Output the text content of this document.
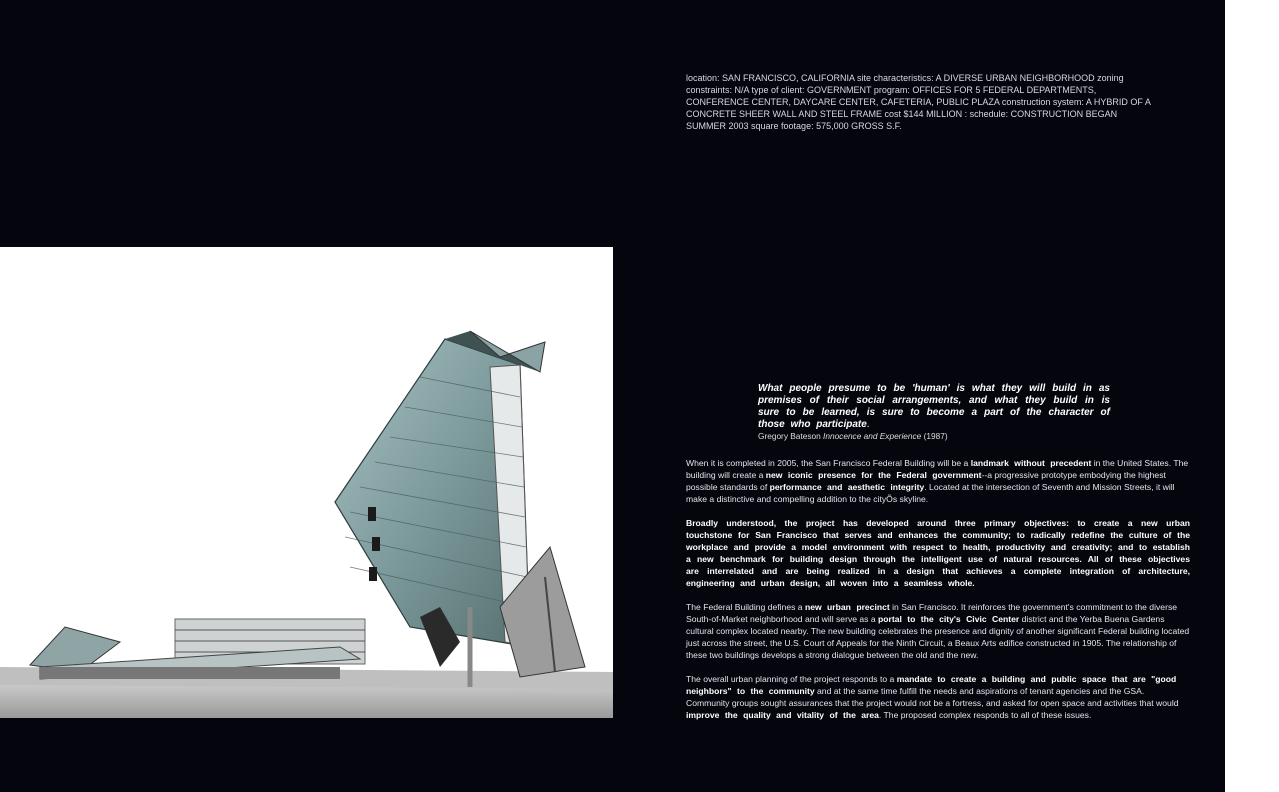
location: SAN FRANCISCO, CALIFORNIA site characteristics: A DIVERSE URBAN NEIGHBORHOOD zoning constraints: N/A type of client: GOVERNMENT program: OFFICES FOR 5 FEDERAL DEPARTMENTS, CONFERENCE CENTER, DAYCARE CENTER, CAFETERIA, PUBLIC PLAZA construction system: A HYBRID OF A CONCRETE SHEER WALL AND STEEL FRAME cost $144 MILLION : schedule: CONSTRUCTION BEGAN SUMMER 2003 square footage: 575,000 GROSS S.F.
What people presume to be 'human' is what they will build in as premises of their social arrangements, and what they build in is sure to be learned, is sure to become a part of the character of those who participate.
Gregory Bateson Innocence and Experience (1987)

When it is completed in 2005, the San Francisco Federal Building will be a landmark without precedent in the United States. The building will create a new iconic presence for the Federal government--a progressive prototype embodying the highest possible standards of performance and aesthetic integrity. Located at the intersection of Seventh and Mission Streets, it will make a distinctive and compelling addition to the cityÕs skyline.

Broadly understood, the project has developed around three primary objectives: to create a new urban touchstone for San Francisco that serves and enhances the community; to radically redefine the culture of the workplace and provide a model environment with respect to health, productivity and creativity; and to establish a new benchmark for building design through the intelligent use of natural resources. All of these objectives are interrelated and are being realized in a design that achieves a complete integration of architecture, engineering and urban design, all woven into a seamless whole.

The Federal Building defines a new urban precinct in San Francisco. It reinforces the government's commitment to the diverse South-of-Market neighborhood and will serve as a portal to the city's Civic Center district and the Yerba Buena Gardens cultural complex located nearby. The new building celebrates the presence and dignity of another significant Federal building located just across the street, the U.S. Court of Appeals for the Ninth Circuit, a Beaux Arts edifice constructed in 1905. The relationship of these two buildings develops a strong dialogue between the old and the new.

The overall urban planning of the project responds to a mandate to create a building and public space that are "good neighbors" to the community and at the same time fulfill the needs and aspirations of tenant agencies and the GSA. Community groups sought assurances that the project would not be a fortress, and asked for open space and activities that would improve the quality and vitality of the area. The proposed complex responds to all of these issues.
